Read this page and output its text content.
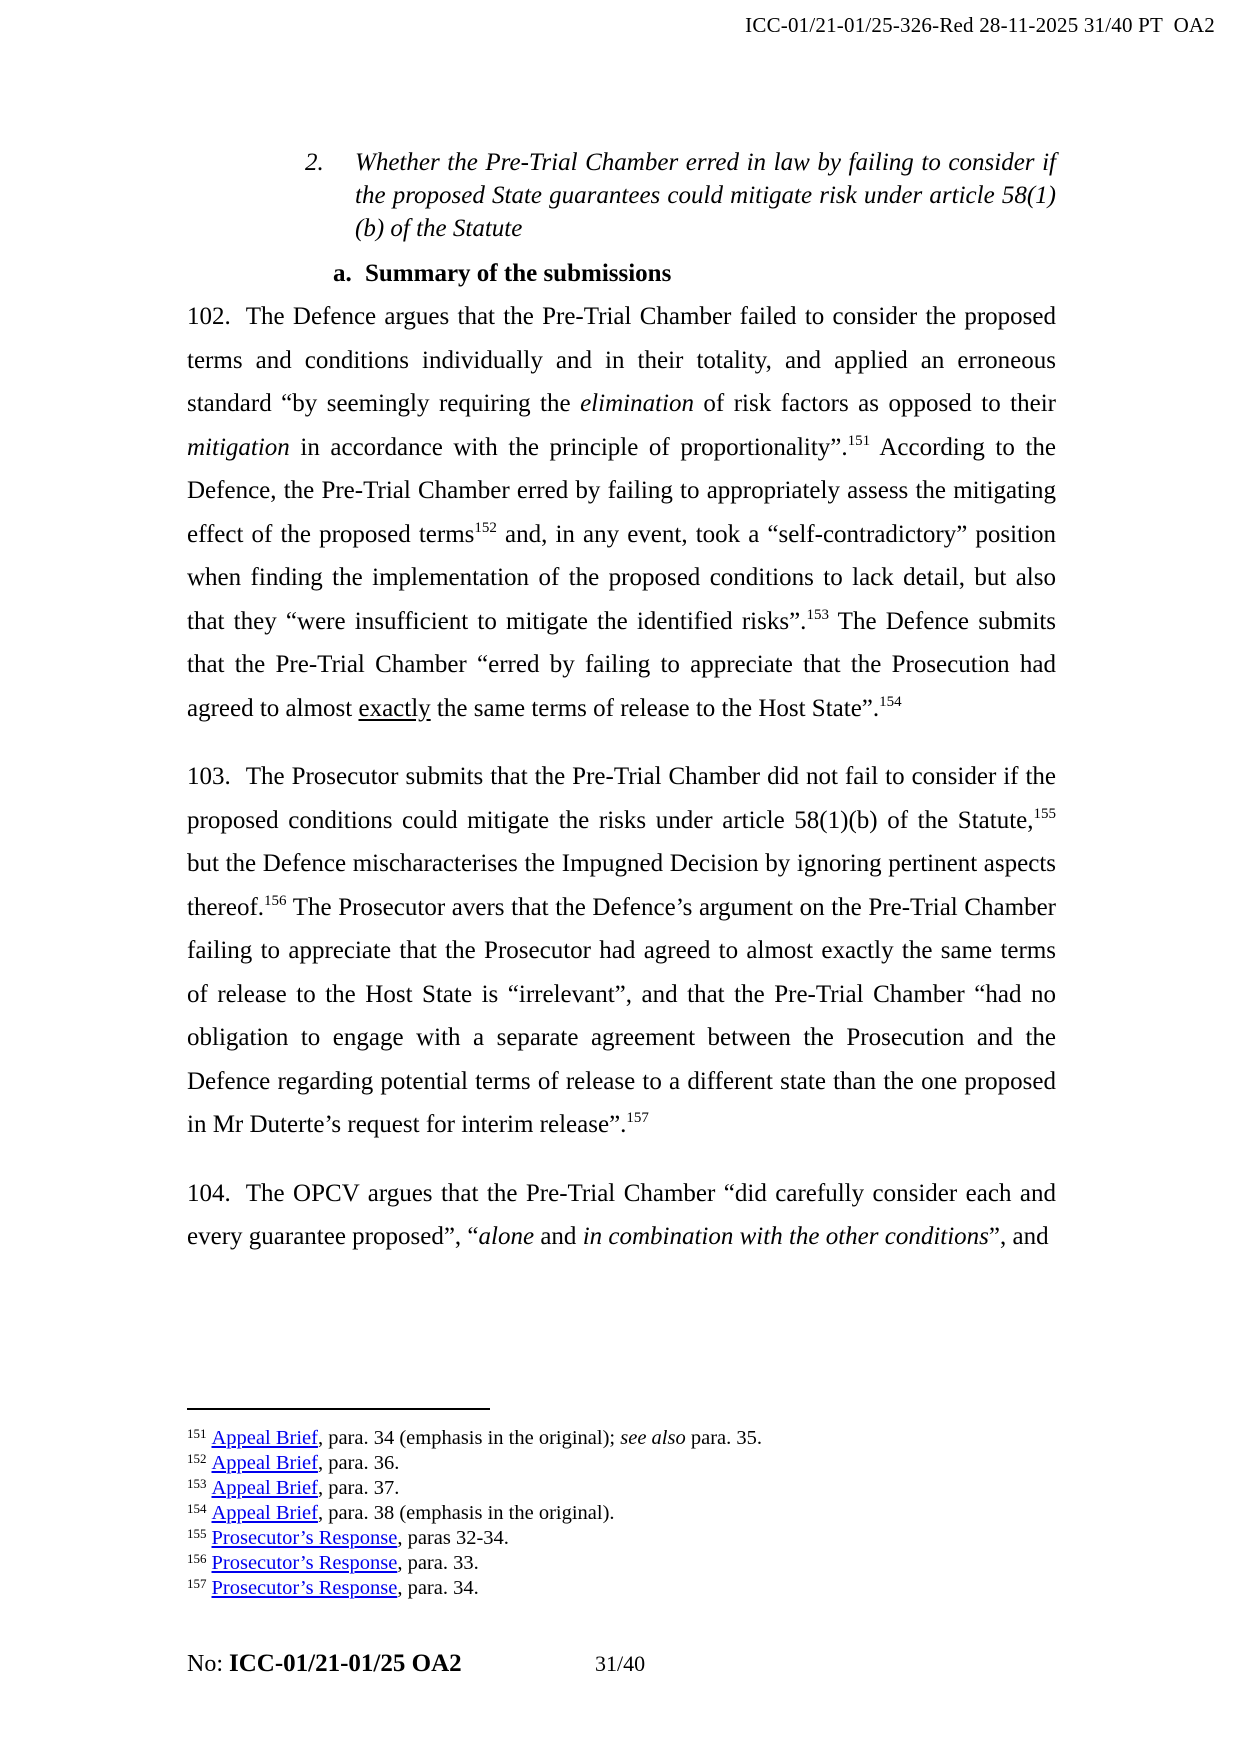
ICC-01/21-01/25-326-Red 28-11-2025 31/40 PT  OA2
2.	Whether the Pre-Trial Chamber erred in law by failing to consider if the proposed State guarantees could mitigate risk under article 58(1)(b) of the Statute
a. Summary of the submissions

102. The Defence argues that the Pre-Trial Chamber failed to consider the proposed terms and conditions individually and in their totality, and applied an erroneous standard “by seemingly requiring the elimination of risk factors as opposed to their mitigation in accordance with the principle of proportionality”.$^{151}$ According to the Defence, the Pre-Trial Chamber erred by failing to appropriately assess the mitigating effect of the proposed terms$^{152}$ and, in any event, took a “self-contradictory” position when finding the implementation of the proposed conditions to lack detail, but also that they “were insufficient to mitigate the identified risks”.$^{153}$ The Defence submits that the Pre-Trial Chamber “erred by failing to appreciate that the Prosecution had agreed to almost exactly the same terms of release to the Host State”.$^{154}$

103. The Prosecutor submits that the Pre-Trial Chamber did not fail to consider if the proposed conditions could mitigate the risks under article 58(1)(b) of the Statute,$^{155}$ but the Defence mischaracterises the Impugned Decision by ignoring pertinent aspects thereof.$^{156}$ The Prosecutor avers that the Defence’s argument on the Pre-Trial Chamber failing to appreciate that the Prosecutor had agreed to almost exactly the same terms of release to the Host State is “irrelevant”, and that the Pre-Trial Chamber “had no obligation to engage with a separate agreement between the Prosecution and the Defence regarding potential terms of release to a different state than the one proposed in Mr Duterte’s request for interim release”.$^{157}$

104. The OPCV argues that the Pre-Trial Chamber “did carefully consider each and every guarantee proposed”, “alone and in combination with the other conditions”, and

$^{151}$ Appeal Brief, para. 34 (emphasis in the original); see also para. 35.
$^{152}$ Appeal Brief, para. 36.
$^{153}$ Appeal Brief, para. 37.
$^{154}$ Appeal Brief, para. 38 (emphasis in the original).
$^{155}$ Prosecutor’s Response, paras 32-34.
$^{156}$ Prosecutor’s Response, para. 33.
$^{157}$ Prosecutor’s Response, para. 34.
No: ICC-01/21-01/25 OA2	31/40
